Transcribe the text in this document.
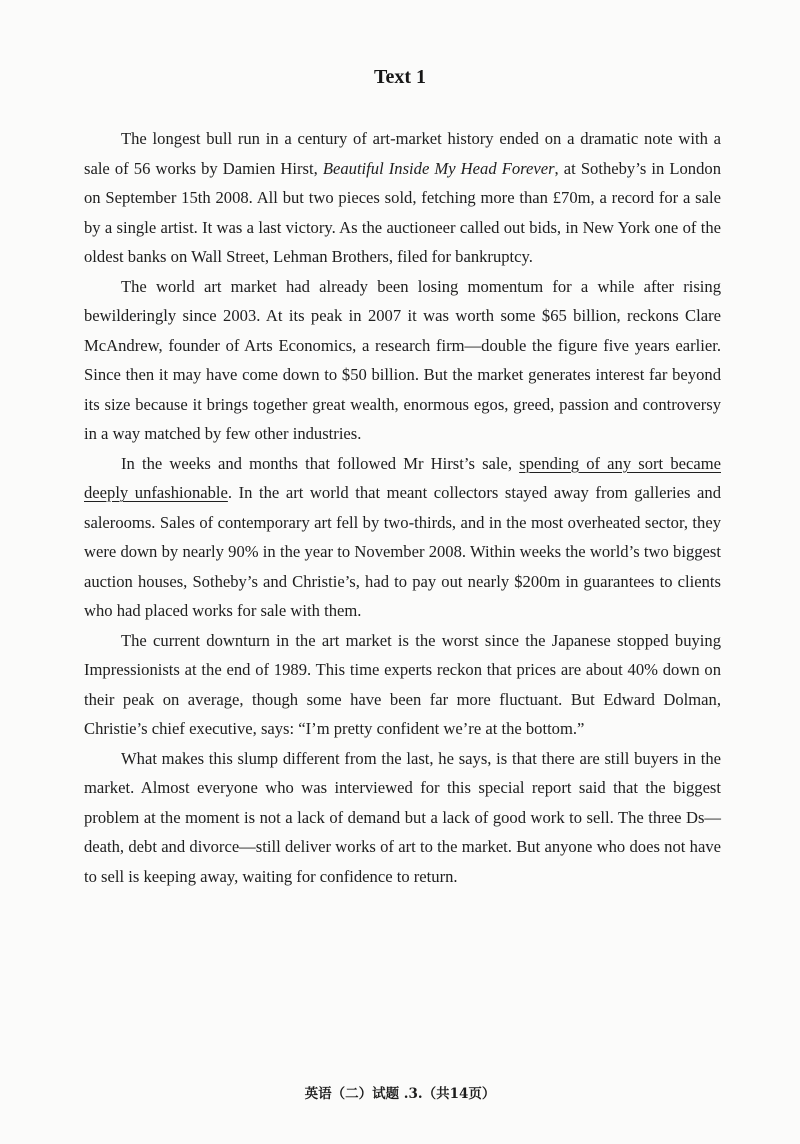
Text 1

The longest bull run in a century of art-market history ended on a dramatic note with a sale of 56 works by Damien Hirst, Beautiful Inside My Head Forever, at Sotheby’s in London on September 15th 2008. All but two pieces sold, fetching more than £70m, a record for a sale by a single artist. It was a last victory. As the auctioneer called out bids, in New York one of the oldest banks on Wall Street, Lehman Brothers, filed for bankruptcy.

The world art market had already been losing momentum for a while after rising bewilderingly since 2003. At its peak in 2007 it was worth some $65 billion, reckons Clare McAndrew, founder of Arts Economics, a research firm—double the figure five years earlier. Since then it may have come down to $50 billion. But the market generates interest far beyond its size because it brings together great wealth, enormous egos, greed, passion and controversy in a way matched by few other industries.

In the weeks and months that followed Mr Hirst’s sale, spending of any sort became deeply unfashionable. In the art world that meant collectors stayed away from galleries and salerooms. Sales of contemporary art fell by two-thirds, and in the most overheated sector, they were down by nearly 90% in the year to November 2008. Within weeks the world’s two biggest auction houses, Sotheby’s and Christie’s, had to pay out nearly $200m in guarantees to clients who had placed works for sale with them.

The current downturn in the art market is the worst since the Japanese stopped buying Impressionists at the end of 1989. This time experts reckon that prices are about 40% down on their peak on average, though some have been far more fluctuant. But Edward Dolman, Christie’s chief executive, says: “I’m pretty confident we’re at the bottom.”

What makes this slump different from the last, he says, is that there are still buyers in the market. Almost everyone who was interviewed for this special report said that the biggest problem at the moment is not a lack of demand but a lack of good work to sell. The three Ds—death, debt and divorce—still deliver works of art to the market. But anyone who does not have to sell is keeping away, waiting for confidence to return.

英语（二）试题 .3.（共14页）
